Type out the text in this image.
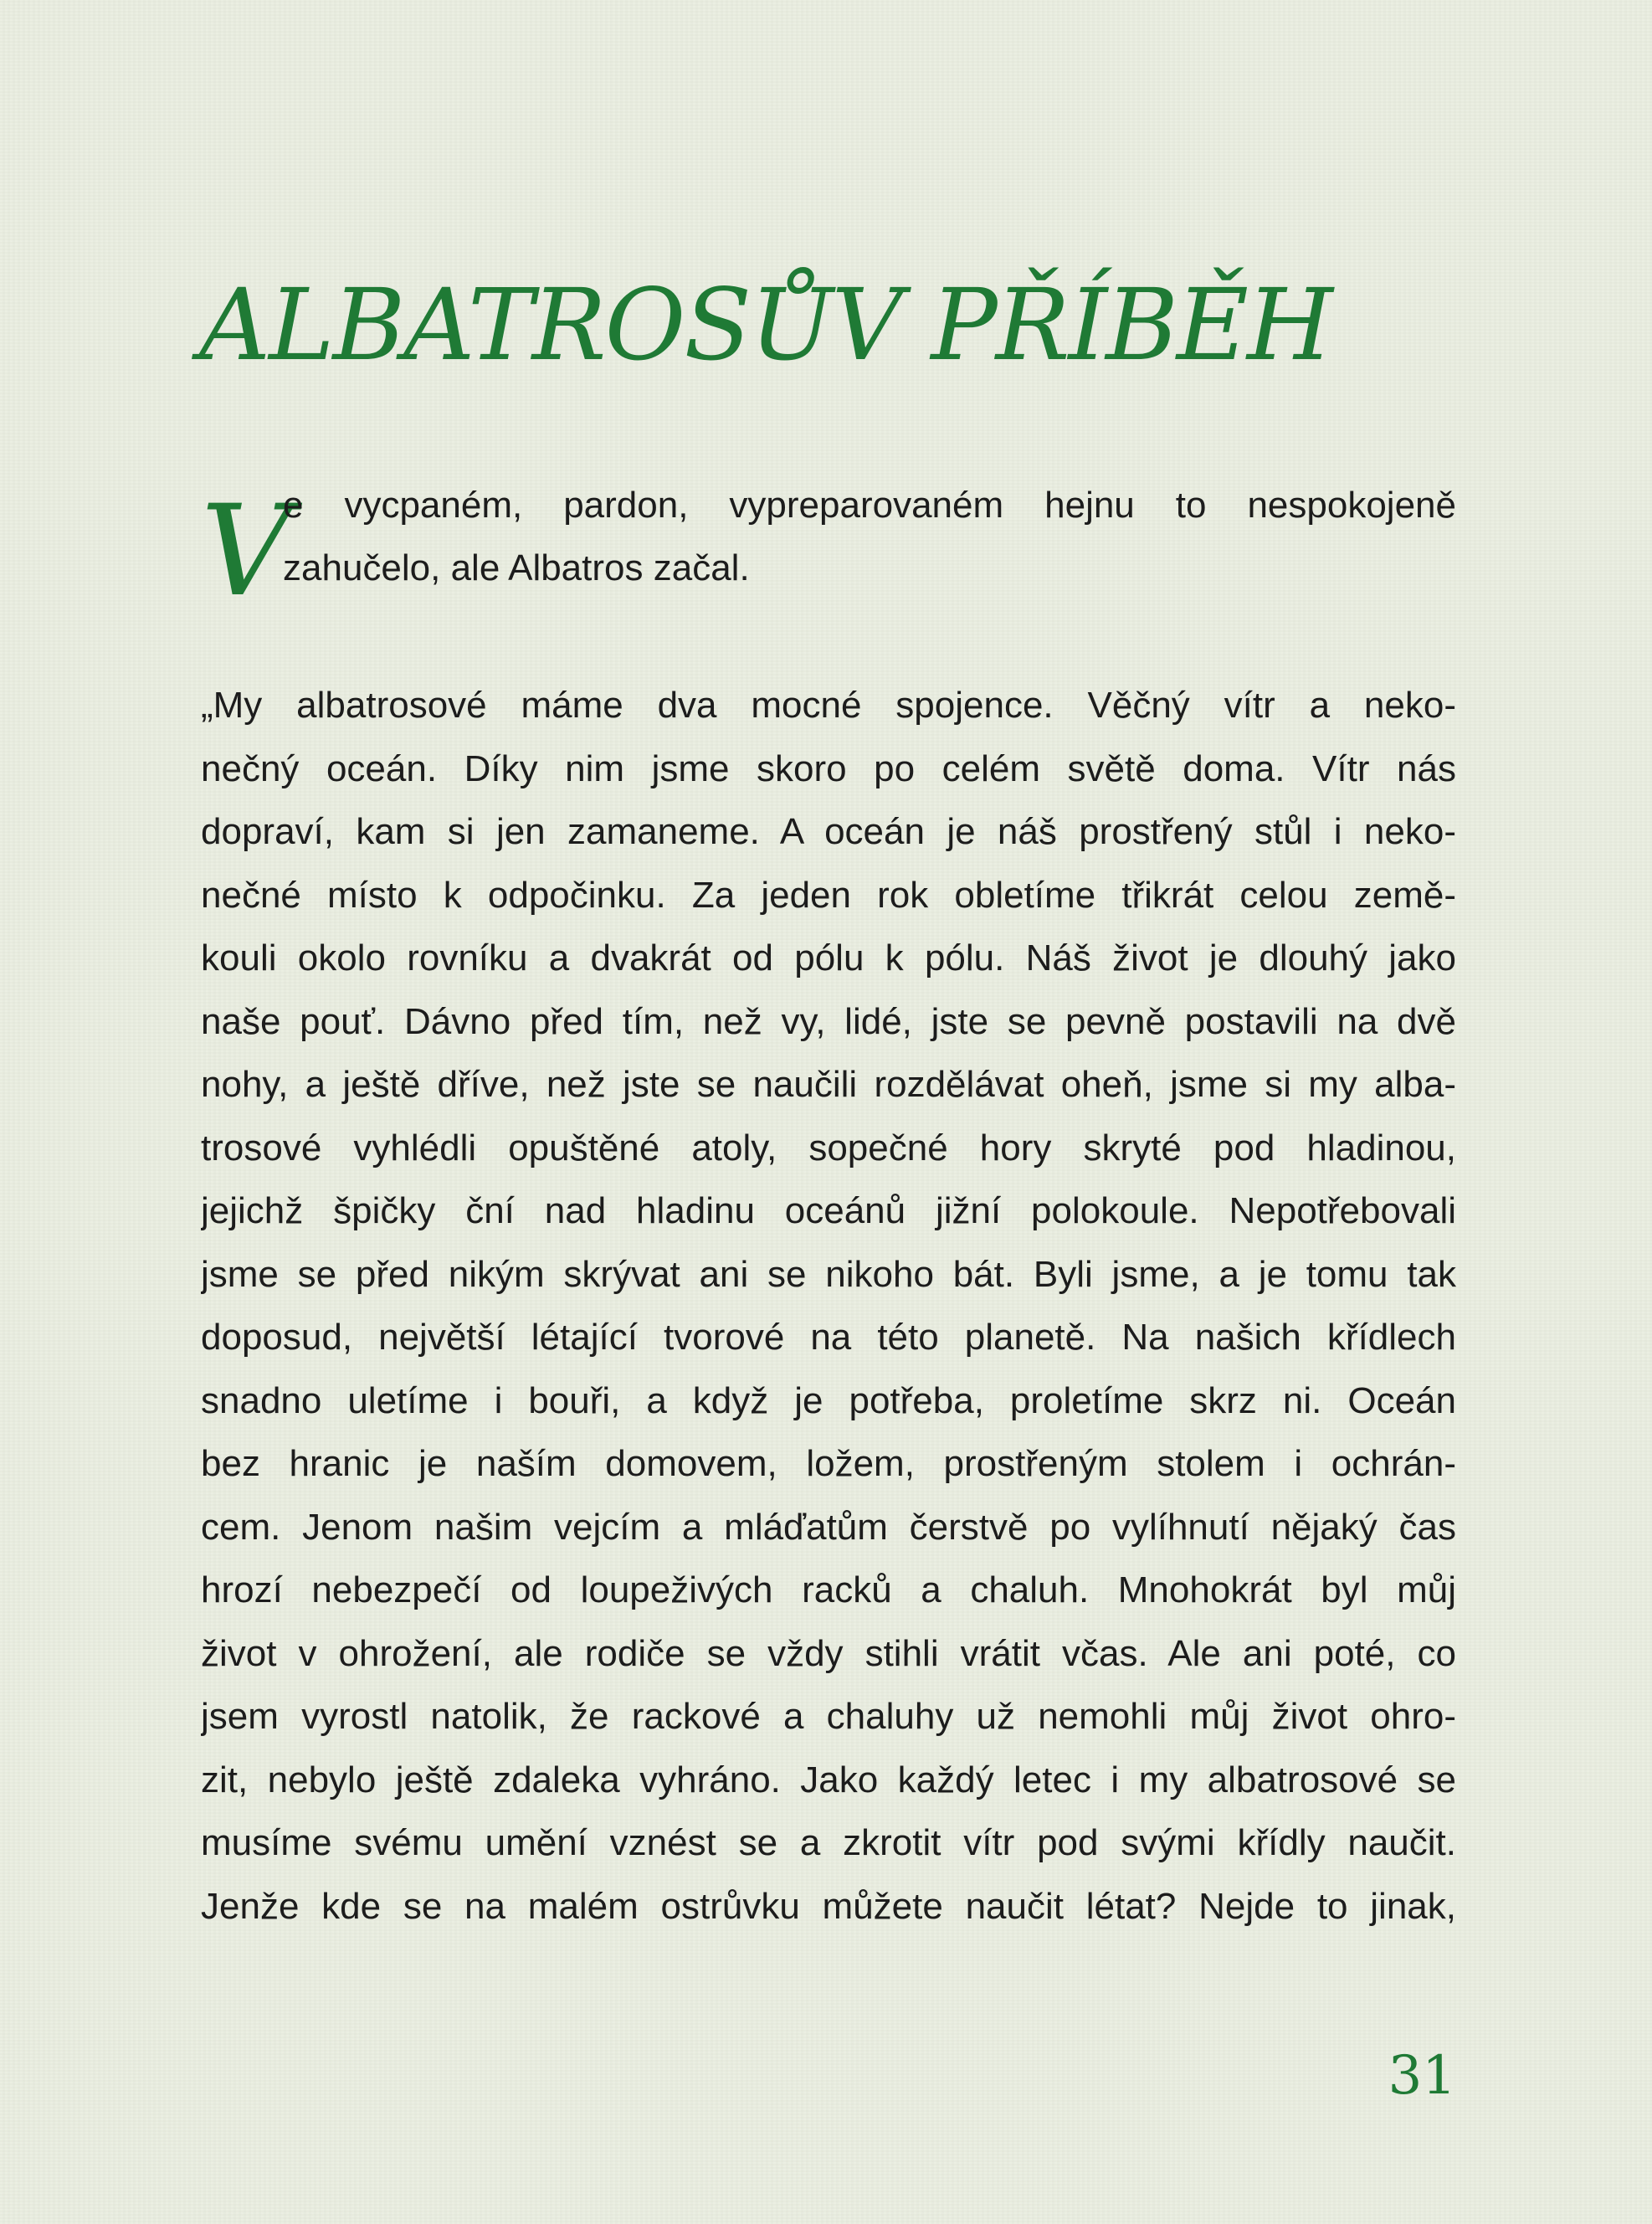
ALBATROSŮV PŘÍBĚH
V
e vycpaném, pardon, vypreparovaném hejnu to nespokojeně
zahučelo, ale Albatros začal.
„My albatrosové máme dva mocné spojence. Věčný vítr a neko-
nečný oceán. Díky nim jsme skoro po celém světě doma. Vítr nás
dopraví, kam si jen zamaneme. A oceán je náš prostřený stůl i neko-
nečné místo k odpočinku. Za jeden rok obletíme třikrát celou země-
kouli okolo rovníku a dvakrát od pólu k pólu. Náš život je dlouhý jako
naše pouť. Dávno před tím, než vy, lidé, jste se pevně postavili na dvě
nohy, a ještě dříve, než jste se naučili rozdělávat oheň, jsme si my alba-
trosové vyhlédli opuštěné atoly, sopečné hory skryté pod hladinou,
jejichž špičky ční nad hladinu oceánů jižní polokoule. Nepotřebovali
jsme se před nikým skrývat ani se nikoho bát. Byli jsme, a je tomu tak
doposud, největší létající tvorové na této planetě. Na našich křídlech
snadno uletíme i bouři, a když je potřeba, proletíme skrz ni. Oceán
bez hranic je naším domovem, ložem, prostřeným stolem i ochrán-
cem. Jenom našim vejcím a mláďatům čerstvě po vylíhnutí nějaký čas
hrozí nebezpečí od loupeživých racků a chaluh. Mnohokrát byl můj
život v ohrožení, ale rodiče se vždy stihli vrátit včas. Ale ani poté, co
jsem vyrostl natolik, že rackové a chaluhy už nemohli můj život ohro-
zit, nebylo ještě zdaleka vyhráno. Jako každý letec i my albatrosové se
musíme svému umění vznést se a zkrotit vítr pod svými křídly naučit.
Jenže kde se na malém ostrůvku můžete naučit létat? Nejde to jinak,
31
